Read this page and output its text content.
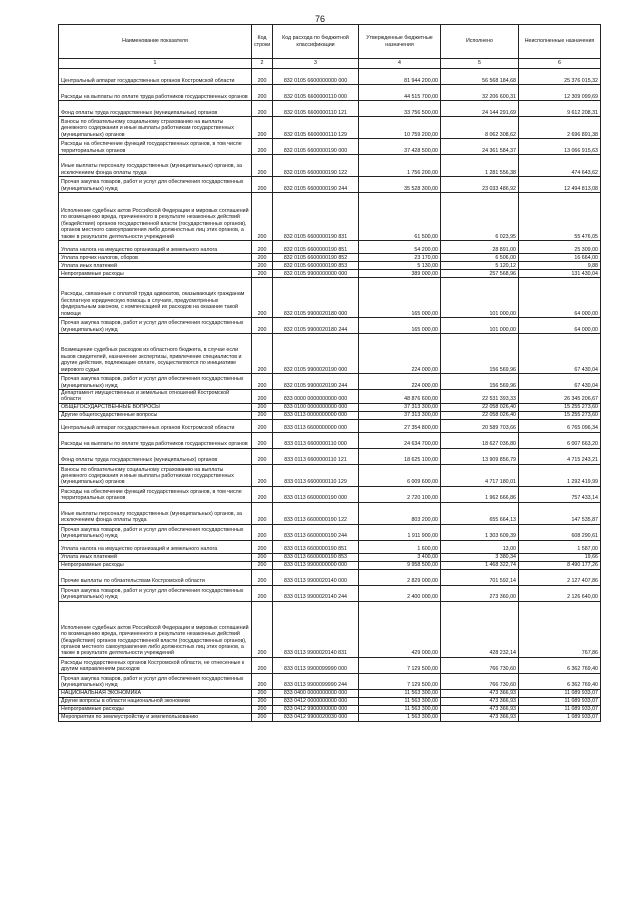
76
Наименование показателя	Код строки	Код расхода по бюджетной классификации	Утвержденные бюджетные назначения	Исполнено	Неисполненные назначения
1	2	3	4	5	6
Центральный аппарат государственных органов Костромской области	200	832 0105 6600000000 000	81 944 200,00	56 568 184,68	25 376 015,32
Расходы на выплаты по оплате труда работников государственных органов	200	832 0105 6600000110 000	44 515 700,00	32 206 600,31	12 309 099,69
Фонд оплаты труда государственных (муниципальных) органов	200	832 0105 6600000110 121	33 756 500,00	24 144 291,69	9 612 208,31
Взносы по обязательному социальному страхованию на выплаты денежного содержания и иные выплаты работникам государственных (муниципальных) органов	200	832 0105 6600000110 129	10 759 200,00	8 062 308,62	2 696 891,38
Расходы на обеспечение функций государственных органов, в том числе территориальных органов	200	832 0105 6600000190 000	37 428 500,00	24 361 584,37	13 066 915,63
Иные выплаты персоналу государственных (муниципальных) органов, за исключением фонда оплаты труда	200	832 0105 6600000190 122	1 756 200,00	1 281 556,38	474 643,62
Прочая закупка товаров, работ и услуг для обеспечения государственных (муниципальных) нужд	200	832 0105 6600000190 244	35 528 300,00	23 033 486,92	12 494 813,08
Исполнение судебных актов Российской Федерации и мировых соглашений по возмещению вреда, причиненного в результате незаконных действий (бездействия) органов государственной власти (государственных органов), органов местного самоуправления либо должностных лиц этих органов, а также в результате деятельности учреждений	200	832 0105 6600000190 831	61 500,00	6 023,95	55 476,05
Уплата налога на имущество организаций и земельного налога	200	832 0105 6600000190 851	54 200,00	28 891,00	25 309,00
Уплата прочих налогов, сборов	200	832 0105 6600000190 852	23 170,00	6 506,00	16 664,00
Уплата иных платежей	200	832 0105 6600000190 853	5 130,00	5 120,12	9,88
Непрограммные расходы	200	832 0105 9900000000 000	389 000,00	257 568,96	131 430,04
Расходы, связанные с оплатой труда адвокатов, оказывающих гражданам бесплатную юридическую помощь в случаях, предусмотренных федеральным законом, с компенсацией их расходов на оказание такой помощи	200	832 0105 9900020180 000	165 000,00	101 000,00	64 000,00
Прочая закупка товаров, работ и услуг для обеспечения государственных (муниципальных) нужд	200	832 0105 9900020180 244	165 000,00	101 000,00	64 000,00
Возмещение судебных расходов из областного бюджета, в случае если вызов свидетелей, назначение экспертизы, привлечение специалистов и другие действия, подлежащие оплате, осуществляются по инициативе мирового судьи	200	832 0105 9900020190 000	224 000,00	156 569,96	67 430,04
Прочая закупка товаров, работ и услуг для обеспечения государственных (муниципальных) нужд	200	832 0105 9900020190 244	224 000,00	156 569,96	67 430,04
Департамент имущественных и земельных отношений Костромской области	200	833 0000 0000000000 000	48 876 600,00	22 531 393,33	26 345 206,67
ОБЩЕГОСУДАРСТВЕННЫЕ ВОПРОСЫ	200	833 0100 0000000000 000	37 313 300,00	22 058 026,40	15 255 273,60
Другие общегосударственные вопросы	200	833 0113 0000000000 000	37 313 300,00	22 058 026,40	15 255 273,60
Центральный аппарат государственных органов Костромской области	200	833 0113 6600000000 000	27 354 800,00	20 589 703,66	6 765 096,34
Расходы на выплаты по оплате труда работников государственных органов	200	833 0113 6600000110 000	24 634 700,00	18 627 036,80	6 007 663,20
Фонд оплаты труда государственных (муниципальных) органов	200	833 0113 6600000110 121	18 625 100,00	13 909 856,79	4 715 243,21
Взносы по обязательному социальному страхованию на выплаты денежного содержания и иные выплаты работникам государственных (муниципальных) органов	200	833 0113 6600000110 129	6 009 600,00	4 717 180,01	1 292 419,99
Расходы на обеспечение функций государственных органов, в том числе территориальных органов	200	833 0113 6600000190 000	2 720 100,00	1 962 666,86	757 433,14
Иные выплаты персоналу государственных (муниципальных) органов, за исключением фонда оплаты труда	200	833 0113 6600000190 122	803 200,00	655 664,13	147 535,87
Прочая закупка товаров, работ и услуг для обеспечения государственных (муниципальных) нужд	200	833 0113 6600000190 244	1 911 900,00	1 303 609,39	608 290,61
Уплата налога на имущество организаций и земельного налога	200	833 0113 6600000190 851	1 600,00	13,00	1 587,00
Уплата иных платежей	200	833 0113 6600000190 853	3 400,00	3 380,34	19,66
Непрограммные расходы	200	833 0113 9900000000 000	9 958 500,00	1 468 322,74	8 490 177,26
Прочие выплаты по обязательствам Костромской области	200	833 0113 9900020140 000	2 829 000,00	701 592,14	2 127 407,86
Прочая закупка товаров, работ и услуг для обеспечения государственных (муниципальных) нужд	200	833 0113 9900020140 244	2 400 000,00	273 360,00	2 126 640,00
Исполнение судебных актов Российской Федерации и мировых соглашений по возмещению вреда, причиненного в результате незаконных действий (бездействия) органов государственной власти (государственных органов), органов местного самоуправления либо должностных лиц этих органов, а также в результате деятельности учреждений	200	833 0113 9900020140 831	429 000,00	428 232,14	767,86
Расходы государственных органов Костромской области, не отнесенные к другим направлениям расходов	200	833 0113 9900099990 000	7 129 500,00	766 730,60	6 362 769,40
Прочая закупка товаров, работ и услуг для обеспечения государственных (муниципальных) нужд	200	833 0113 9900099990 244	7 129 500,00	766 730,60	6 362 769,40
НАЦИОНАЛЬНАЯ ЭКОНОМИКА	200	833 0400 0000000000 000	11 563 300,00	473 366,93	11 089 933,07
Другие вопросы в области национальной экономики	200	833 0412 0000000000 000	11 563 300,00	473 366,93	11 089 933,07
Непрограммные расходы	200	833 0412 9900000000 000	11 563 300,00	473 366,93	11 089 933,07
Мероприятия по землеустройству и землепользованию	200	833 0412 9900020030 000	1 563 300,00	473 366,93	1 089 933,07
